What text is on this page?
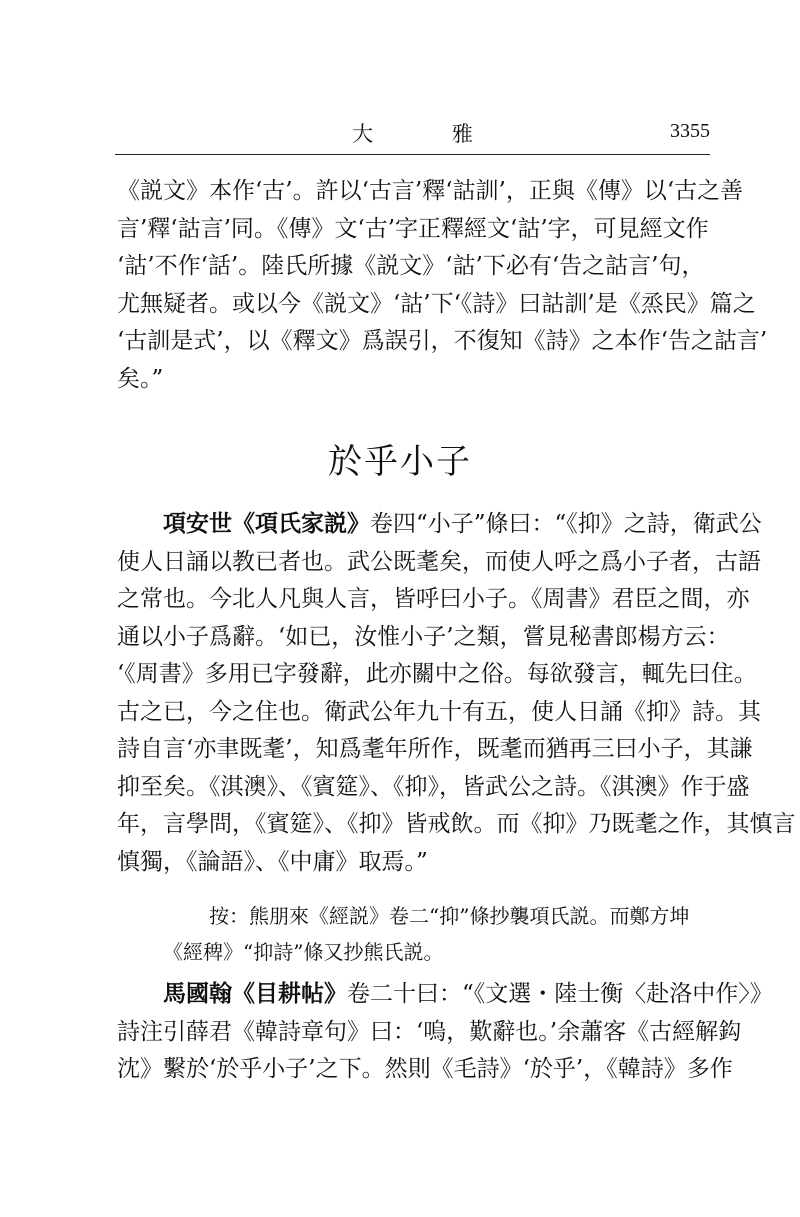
大 雅	3355
《説文》本作‘古’。許以‘古言’釋‘詁訓’，正與《傳》以‘古之善
言’釋‘詁言’同。《傳》文‘古’字正釋經文‘詁’字，可見經文作
‘詁’不作‘話’。陸氏所據《説文》‘詁’下必有‘告之詁言’句，
尤無疑者。或以今《説文》‘詁’下‘《詩》曰詁訓’是《烝民》篇之
‘古訓是式’，以《釋文》爲誤引，不復知《詩》之本作‘告之詁言’
矣。”
於乎小子
項安世《項氏家説》卷四“小子”條曰：“《抑》之詩，衛武公
使人日誦以教已者也。武公既耄矣，而使人呼之爲小子者，古語
之常也。今北人凡與人言，皆呼曰小子。《周書》君臣之間，亦
通以小子爲辭。‘如已，汝惟小子’之類，嘗見秘書郎楊方云：
‘《周書》多用已字發辭，此亦關中之俗。每欲發言，輒先曰住。
古之已，今之住也。衛武公年九十有五，使人日誦《抑》詩。其
詩自言‘亦聿既耄’，知爲耄年所作，既耄而猶再三曰小子，其謙
抑至矣。《淇澳》、《賓筵》、《抑》，皆武公之詩。《淇澳》作于盛
年，言學問，《賓筵》、《抑》皆戒飲。而《抑》乃既耄之作，其慎言
慎獨，《論語》、《中庸》取焉。”
按：熊朋來《經説》卷二“抑”條抄襲項氏説。而鄭方坤
《經稗》“抑詩”條又抄熊氏説。
馬國翰《目耕帖》卷二十曰：“《文選・陸士衡〈赴洛中作〉》
詩注引薛君《韓詩章句》曰：‘嗚，歎辭也。’余蕭客《古經解鈎
沈》繫於‘於乎小子’之下。然則《毛詩》‘於乎’，《韓詩》多作
